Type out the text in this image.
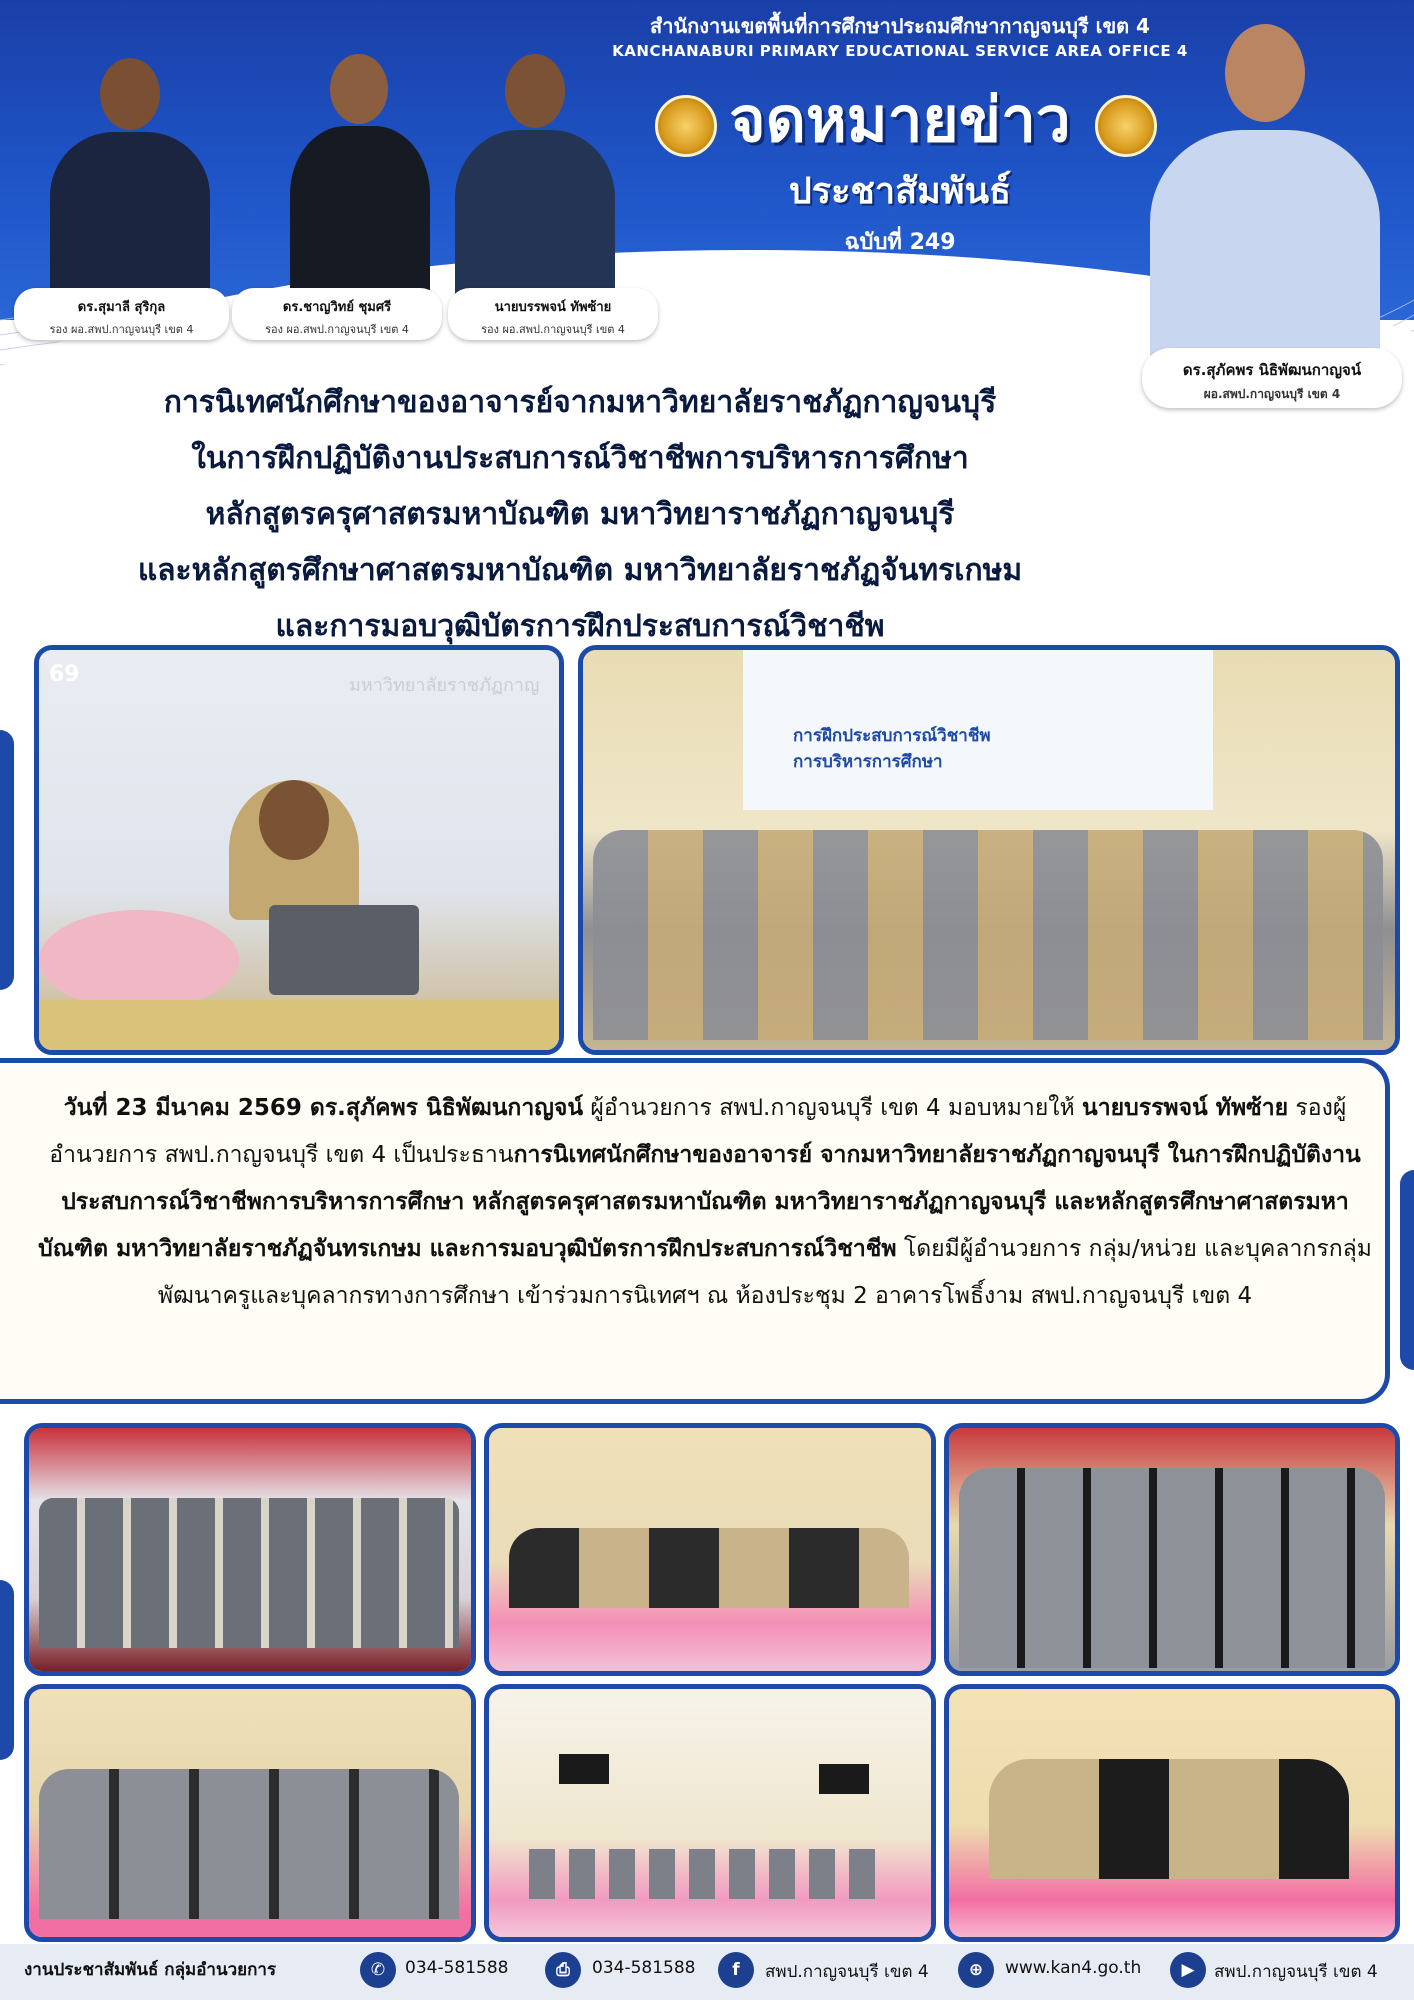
สำนักงานเขตพื้นที่การศึกษาประถมศึกษากาญจนบุรี เขต 4
KANCHANABURI PRIMARY EDUCATIONAL SERVICE AREA OFFICE 4
จดหมายข่าว
ประชาสัมพันธ์
ฉบับที่ 249
วันที่ 23 มีนาคม 2569
ดร.สุมาลี สุริกุล
รอง ผอ.สพป.กาญจนบุรี เขต 4
ดร.ชาญวิทย์ ชุมศรี
รอง ผอ.สพป.กาญจนบุรี เขต 4
นายบรรพจน์ ทัพซ้าย
รอง ผอ.สพป.กาญจนบุรี เขต 4
ดร.สุภัคพร นิธิพัฒนกาญจน์
ผอ.สพป.กาญจนบุรี เขต 4
การนิเทศนักศึกษาของอาจารย์จากมหาวิทยาลัยราชภัฏกาญจนบุรี
ในการฝึกปฏิบัติงานประสบการณ์วิชาชีพการบริหารการศึกษา
หลักสูตรครุศาสตรมหาบัณฑิต มหาวิทยาราชภัฏกาญจนบุรี
และหลักสูตรศึกษาศาสตรมหาบัณฑิต มหาวิทยาลัยราชภัฏจันทรเกษม
และการมอบวุฒิบัตรการฝึกประสบการณ์วิชาชีพ
69	มหาวิทยาลัยราชภัฏกาญ
การฝึกประสบการณ์วิชาชีพ
การบริหารการศึกษา
วันที่ 23 มีนาคม 2569 ดร.สุภัคพร นิธิพัฒนกาญจน์ ผู้อำนวยการ สพป.กาญจนบุรี เขต 4 มอบหมายให้ นายบรรพจน์ ทัพซ้าย รองผู้อำนวยการ สพป.กาญจนบุรี เขต 4 เป็นประธานการนิเทศนักศึกษาของอาจารย์ จากมหาวิทยาลัยราชภัฏกาญจนบุรี ในการฝึกปฏิบัติงานประสบการณ์วิชาชีพการบริหารการศึกษา หลักสูตรครุศาสตรมหาบัณฑิต มหาวิทยาราชภัฏกาญจนบุรี และหลักสูตรศึกษาศาสตรมหาบัณฑิต มหาวิทยาลัยราชภัฏจันทรเกษม และการมอบวุฒิบัตรการฝึกประสบการณ์วิชาชีพ โดยมีผู้อำนวยการ กลุ่ม/หน่วย และบุคลากรกลุ่มพัฒนาครูและบุคลากรทางการศึกษา เข้าร่วมการนิเทศฯ ณ ห้องประชุม 2 อาคารโพธิ์งาม สพป.กาญจนบุรี เขต 4
งานประชาสัมพันธ์ กลุ่มอำนวยการ	✆	034-581588	⎙	034-581588	f	สพป.กาญจนบุรี เขต 4	⊕	www.kan4.go.th	▶	สพป.กาญจนบุรี เขต 4
